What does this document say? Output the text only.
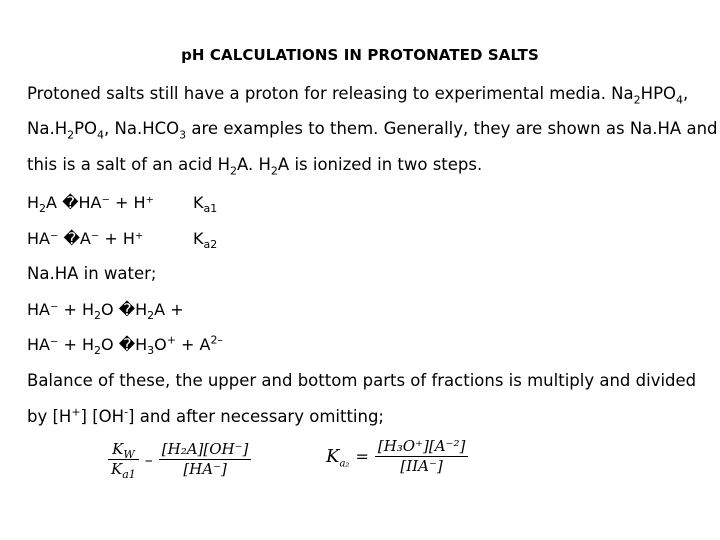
pH CALCULATIONS IN PROTONATED SALTS
Protoned salts still have a proton for releasing to experimental media. $Na_2HPO_4$,
$Na.H_2PO_4$, $Na.HCO_3$ are examples to them. Generally, they are shown as Na.HA and
this is a salt of an acid $H_2A$. $H_2A$ is ionized in two steps.
$H_2A$ �HA⁻ + H⁺ $K_{a1}$
HA⁻ �A⁻ + H⁺	$K_{a2}$
Na.HA in water;
$HA^- + H_2O$ $�H_2A$ +
$HA^- + H_2O$ $�H_3O^+ + A^{2-}$
Balance of these, the upper and bottom parts of fractions is multiply and divided
by [H+] [OH-] and after necessary omitting;
$\frac{K_W}{K_{a1}} - \frac{\text{[H₂A][OH⁻]}}{[HA^-]}$	$K_{a_2} = \frac{\text{[H₃O⁺][A⁻²]}}{\text{[IIA⁻]}}$
